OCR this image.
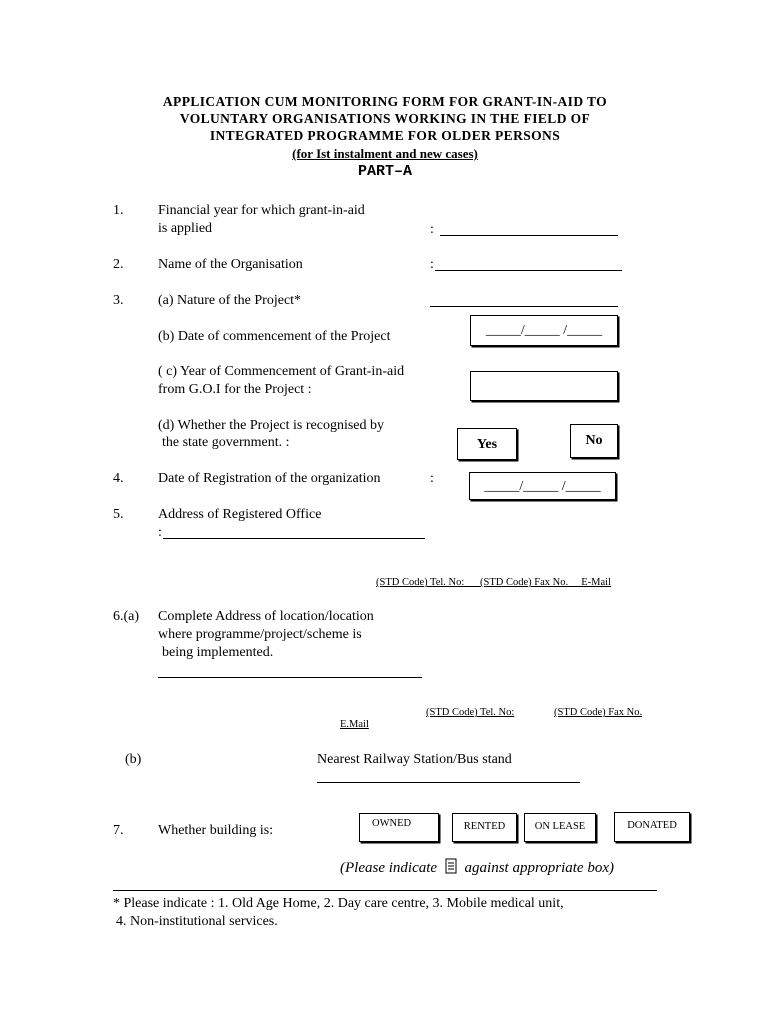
APPLICATION CUM MONITORING FORM FOR GRANT-IN-AID TO
VOLUNTARY ORGANISATIONS WORKING IN THE FIELD OF
INTEGRATED PROGRAMME FOR OLDER PERSONS
(for Ist instalment and new cases)
PART–A
1. Financial year for which grant-in-aid
is applied	:
2. Name of the Organisation	:
3. (a) Nature of the Project*
(b) Date of commencement of the Project	_____/_____ /_____
( c) Year of Commencement of Grant-in-aid
from G.O.I for the Project :
(d) Whether the Project is recognised by
the state government. :	Yes	No
4. Date of Registration of the organization	:
_____/_____ /_____
5. Address of Registered Office
:
(STD Code) Tel. No:      (STD Code) Fax No.     E-Mail
6.(a) Complete Address of location/location
where programme/project/scheme is
being implemented.
(STD Code) Tel. No:	(STD Code) Fax No.
E.Mail
(b)	Nearest Railway Station/Bus stand
7. Whether building is:	OWNED	RENTED	ON LEASE	DONATED
(Please indicate against appropriate box)
* Please indicate : 1. Old Age Home, 2. Day care centre, 3. Mobile medical unit,
4. Non-institutional services.
